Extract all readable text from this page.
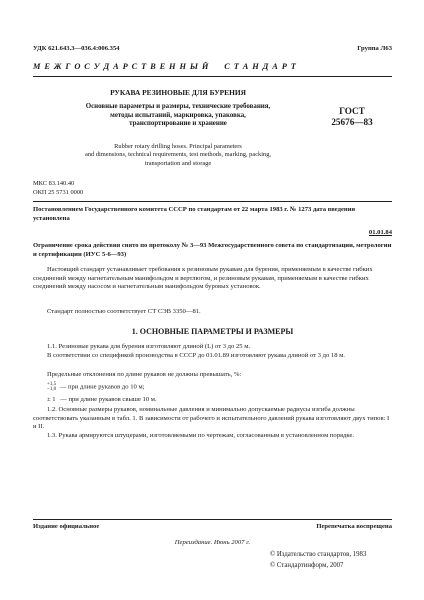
УДК 621.643.3—036.4:006.354	Группа Л63
М Е Ж Г О С У Д А Р С Т В Е Н Н Ы Й     С Т А Н Д А Р Т
РУКАВА РЕЗИНОВЫЕ ДЛЯ БУРЕНИЯ
Основные параметры и размеры, технические требования,
методы испытаний, маркировка, упаковка,
транспортирование и хранение
ГОСТ
25676—83
Rubber rotary drilling hoses. Principal parameters
and dimensions, technical requirements, test methods, marking, packing,
transportation and storage
МКС 83.140.40
ОКП 25 5731 0000
Постановлением Государственного комитета СССР по стандартам от 22 марта 1983 г. № 1273 дата введения установлена
01.01.84
Ограничение срока действия снято по протоколу № 3—93 Межгосударственного совета по стандартизации, метрологии и сертификации (ИУС 5-6—93)
Настоящий стандарт устанавливает требования к резиновым рукавам для бурения, применяемым в качестве гибких соединений между нагнетательным манифольдом и вертлюгом, и резиновым рукавам, применяемым в качестве гибких соединений между насосом и нагнетательным манифольдом буровых установок.
Стандарт полностью соответствует СТ СЭВ 3350—81.
1. ОСНОВНЫЕ ПАРАМЕТРЫ И РАЗМЕРЫ
1.1. Резиновые рукава для бурения изготовляют длиной (L) от 3 до 25 м.
В соответствии со спецификой производства в СССР до 01.01.89 изготовляют рукава длиной от 3 до 18 м.
Предельные отклонения по длине рукавов не должны превышать, %:
+1,5
−1,0 — при длине рукавов до 10 м;
± 1 — при длине рукавов свыше 10 м.
1.2. Основные размеры рукавов, номинальные давления и минимально допускаемые радиусы изгиба должны соответствовать указанным в табл. 1. В зависимости от рабочего и испытательного давлений рукава изготовляют двух типов: I и II.
1.3. Рукава армируются штуцерами, изготовляемыми по чертежам, согласованным в установленном порядке.
Издание официальное	Перепечатка воспрещена
Переиздание. Июнь 2007 г.
© Издательство стандартов, 1983
© Стандартинформ, 2007
